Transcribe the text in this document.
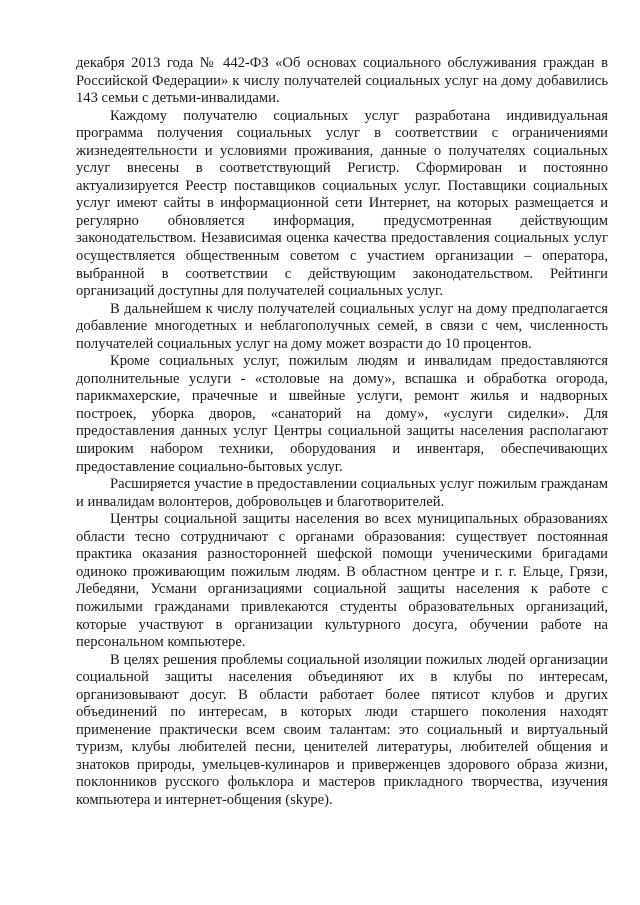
декабря 2013 года № 442-ФЗ «Об основах социального обслуживания граждан в Российской Федерации» к числу получателей социальных услуг на дому добавились 143 семьи с детьми-инвалидами.

Каждому получателю социальных услуг разработана индивидуальная программа получения социальных услуг в соответствии с ограничениями жизнедеятельности и условиями проживания, данные о получателях социальных услуг внесены в соответствующий Регистр. Сформирован и постоянно актуализируется Реестр поставщиков социальных услуг. Поставщики социальных услуг имеют сайты в информационной сети Интернет, на которых размещается и регулярно обновляется информация, предусмотренная действующим законодательством. Независимая оценка качества предоставления социальных услуг осуществляется общественным советом с участием организации – оператора, выбранной в соответствии с действующим законодательством. Рейтинги организаций доступны для получателей социальных услуг.

В дальнейшем к числу получателей социальных услуг на дому предполагается добавление многодетных и неблагополучных семей, в связи с чем, численность получателей социальных услуг на дому может возрасти до 10 процентов.

Кроме социальных услуг, пожилым людям и инвалидам предоставляются дополнительные услуги - «столовые на дому», вспашка и обработка огорода, парикмахерские, прачечные и швейные услуги, ремонт жилья и надворных построек, уборка дворов, «санаторий на дому», «услуги сиделки». Для предоставления данных услуг Центры социальной защиты населения располагают широким набором техники, оборудования и инвентаря, обеспечивающих предоставление социально-бытовых услуг.

Расширяется участие в предоставлении социальных услуг пожилым гражданам и инвалидам волонтеров, добровольцев и благотворителей.

Центры социальной защиты населения во всех муниципальных образованиях области тесно сотрудничают с органами образования: существует постоянная практика оказания разносторонней шефской помощи ученическими бригадами одиноко проживающим пожилым людям. В областном центре и г. г. Ельце, Грязи, Лебедяни, Усмани организациями социальной защиты населения к работе с пожилыми гражданами привлекаются студенты образовательных организаций, которые участвуют в организации культурного досуга, обучении работе на персональном компьютере.

В целях решения проблемы социальной изоляции пожилых людей организации социальной защиты населения объединяют их в клубы по интересам, организовывают досуг. В области работает более пятисот клубов и других объединений по интересам, в которых люди старшего поколения находят применение практически всем своим талантам: это социальный и виртуальный туризм, клубы любителей песни, ценителей литературы, любителей общения и знатоков природы, умельцев-кулинаров и приверженцев здорового образа жизни, поклонников русского фольклора и мастеров прикладного творчества, изучения компьютера и интернет-общения (skype).
